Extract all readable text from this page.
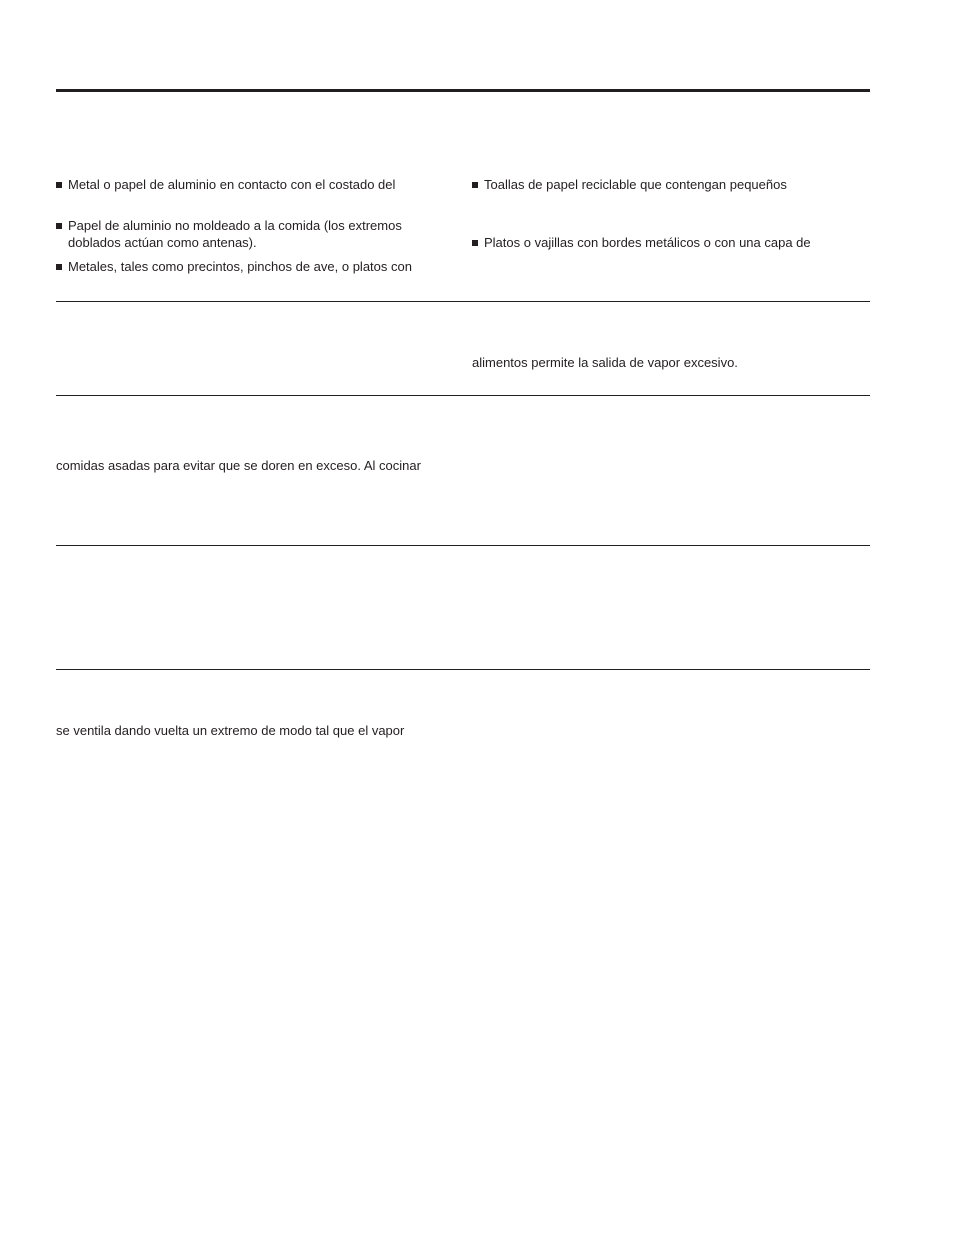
Metal o papel de aluminio en contacto con el costado del
Papel de aluminio no moldeado a la comida (los extremos
doblados actúan como antenas).
Metales, tales como precintos, pinchos de ave, o platos con
Toallas de papel reciclable que contengan pequeños
Platos o vajillas con bordes metálicos o con una capa de
alimentos permite la salida de vapor excesivo.
comidas asadas para evitar que se doren en exceso. Al cocinar
se ventila dando vuelta un extremo de modo tal que el vapor
